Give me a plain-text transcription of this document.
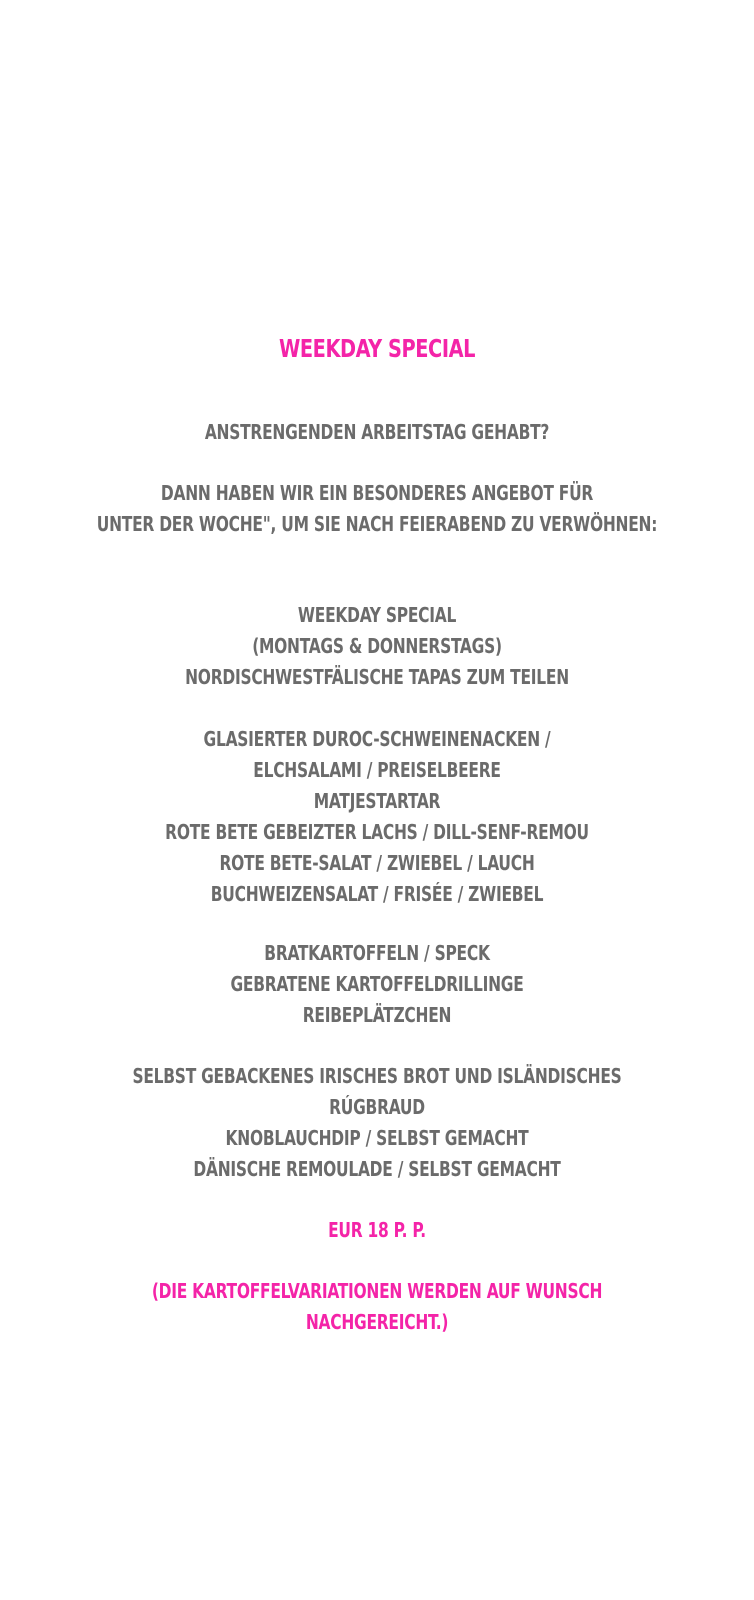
WEEKDAY SPECIAL
ANSTRENGENDEN ARBEITSTAG GEHABT?
DANN HABEN WIR EIN BESONDERES ANGEBOT FÜR
UNTER DER WOCHE", UM SIE NACH FEIERABEND ZU VERWÖHNEN:
WEEKDAY SPECIAL
(MONTAGS & DONNERSTAGS)
NORDISCHWESTFÄLISCHE TAPAS ZUM TEILEN
GLASIERTER DUROC-SCHWEINENACKEN /
ELCHSALAMI / PREISELBEERE
MATJESTARTAR
ROTE BETE GEBEIZTER LACHS / DILL-SENF-REMOU
ROTE BETE-SALAT / ZWIEBEL / LAUCH
BUCHWEIZENSALAT / FRISÉE / ZWIEBEL
BRATKARTOFFELN / SPECK
GEBRATENE KARTOFFELDRILLINGE
REIBEPLÄTZCHEN
SELBST GEBACKENES IRISCHES BROT UND ISLÄNDISCHES
RÚGBRAUD
KNOBLAUCHDIP / SELBST GEMACHT
DÄNISCHE REMOULADE / SELBST GEMACHT
EUR 18 P. P.
(DIE KARTOFFELVARIATIONEN WERDEN AUF WUNSCH
NACHGEREICHT.)
